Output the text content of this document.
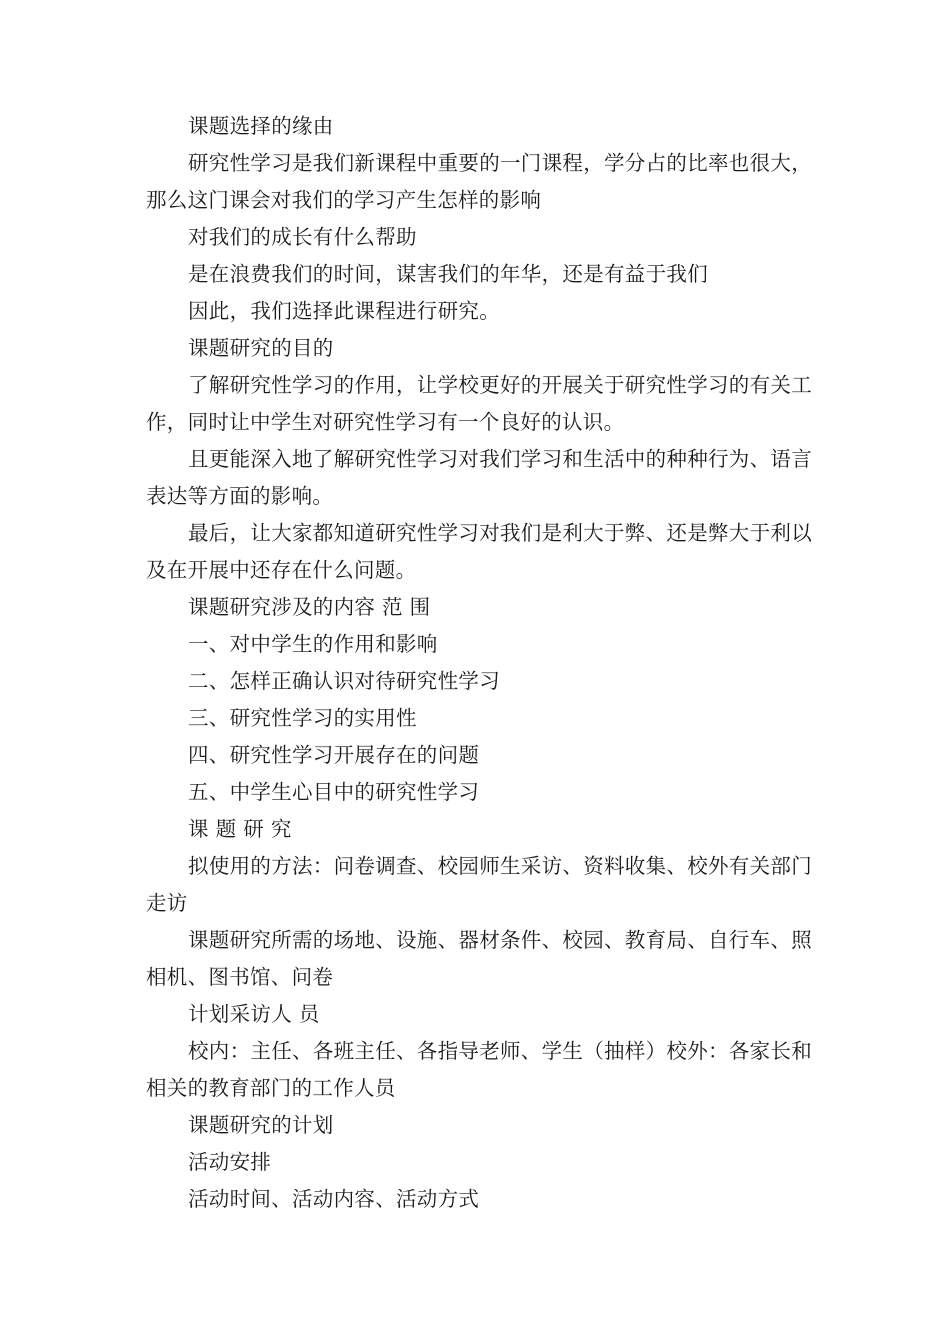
课题选择的缘由

研究性学习是我们新课程中重要的一门课程，学分占的比率也很大，那么这门课会对我们的学习产生怎样的影响

对我们的成长有什么帮助

是在浪费我们的时间，谋害我们的年华，还是有益于我们

因此，我们选择此课程进行研究。

课题研究的目的

了解研究性学习的作用，让学校更好的开展关于研究性学习的有关工作，同时让中学生对研究性学习有一个良好的认识。

且更能深入地了解研究性学习对我们学习和生活中的种种行为、语言表达等方面的影响。

最后，让大家都知道研究性学习对我们是利大于弊、还是弊大于利以及在开展中还存在什么问题。

课题研究涉及的内容 范 围

一、对中学生的作用和影响

二、怎样正确认识对待研究性学习

三、研究性学习的实用性

四、研究性学习开展存在的问题

五、中学生心目中的研究性学习

课 题 研 究

拟使用的方法：问卷调查、校园师生采访、资料收集、校外有关部门走访

课题研究所需的场地、设施、器材条件、校园、教育局、自行车、照相机、图书馆、问卷

计划采访人 员

校内：主任、各班主任、各指导老师、学生（抽样）校外：各家长和相关的教育部门的工作人员

课题研究的计划

活动安排

活动时间、活动内容、活动方式
